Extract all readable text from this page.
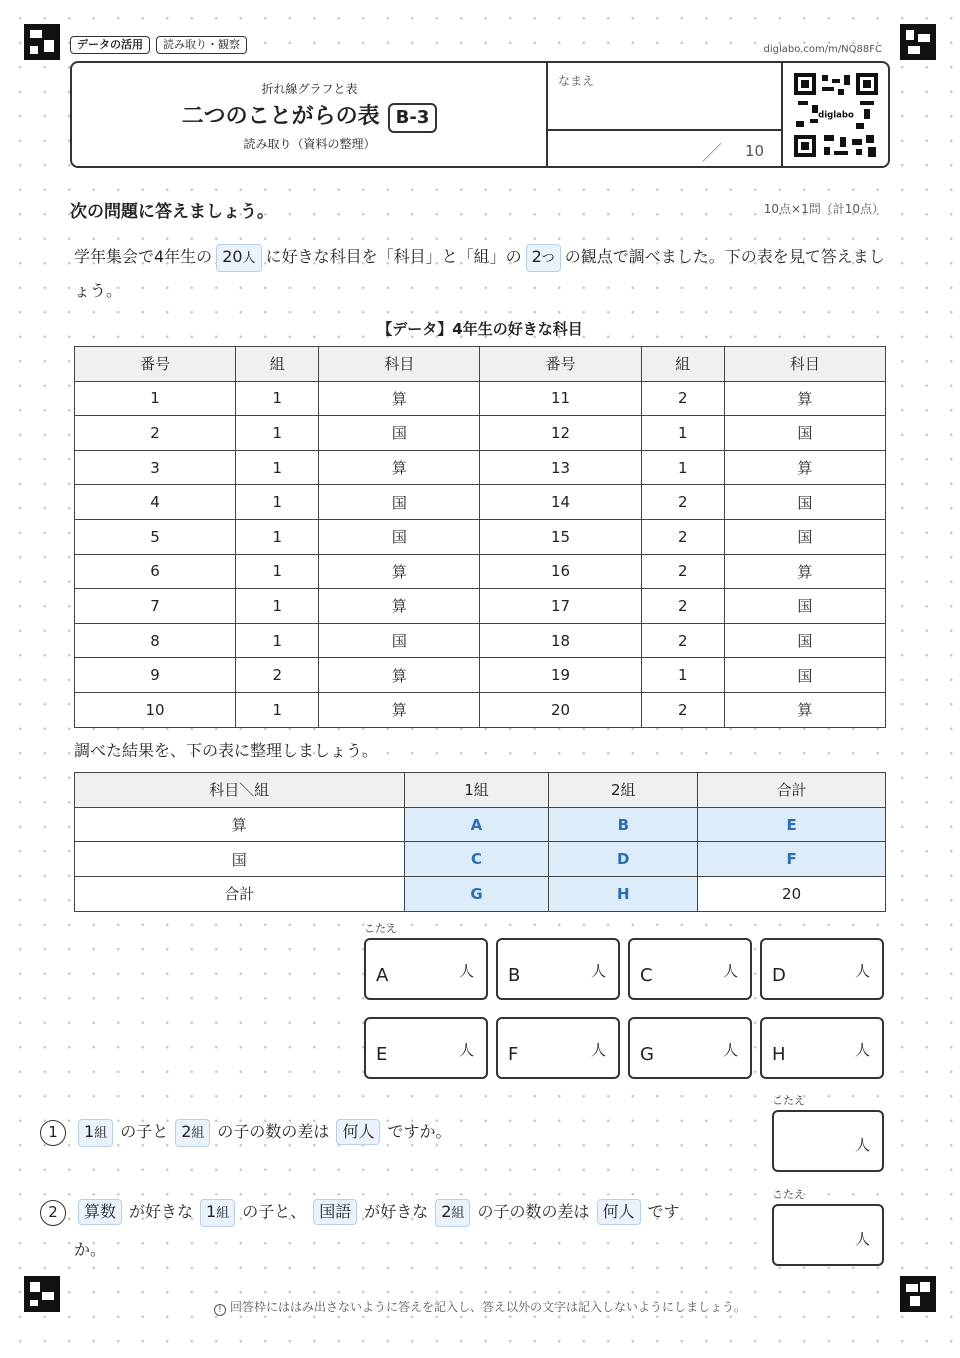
データの活用	読み取り・観察	diglabo.com/m/NQ88FC
折れ線グラフと表
二つのことがらの表 B-3
読み取り（資料の整理）
なまえ
／ 10
diglabo
次の問題に答えましょう。	10点×1問（計10点）
学年集会で4年生の 20人 に好きな科目を「科目」と「組」の 2つ の観点で調べました。下の表を見て答えましょう。
【データ】4年生の好きな科目
番号	組	科目	番号	組	科目
1	1	算	11	2	算
2	1	国	12	1	国
3	1	算	13	1	算
4	1	国	14	2	国
5	1	国	15	2	国
6	1	算	16	2	算
7	1	算	17	2	国
8	1	国	18	2	国
9	2	算	19	1	国
10	1	算	20	2	算
調べた結果を、下の表に整理しましょう。
科目＼組	1組	2組	合計
算	A	B	E
国	C	D	F
合計	G	H	20
こたえ
A	人 B	人 C	人 D	人
E	人 F	人 G	人 H	人
1 1組 の子と 2組 の子の数の差は 何人 ですか。
こたえ
人
2 算数 が好きな 1組 の子と、 国語 が好きな 2組 の子の数の差は 何人 です
か。
こたえ
人
! 回答枠にははみ出さないように答えを記入し、答え以外の文字は記入しないようにしましょう。
